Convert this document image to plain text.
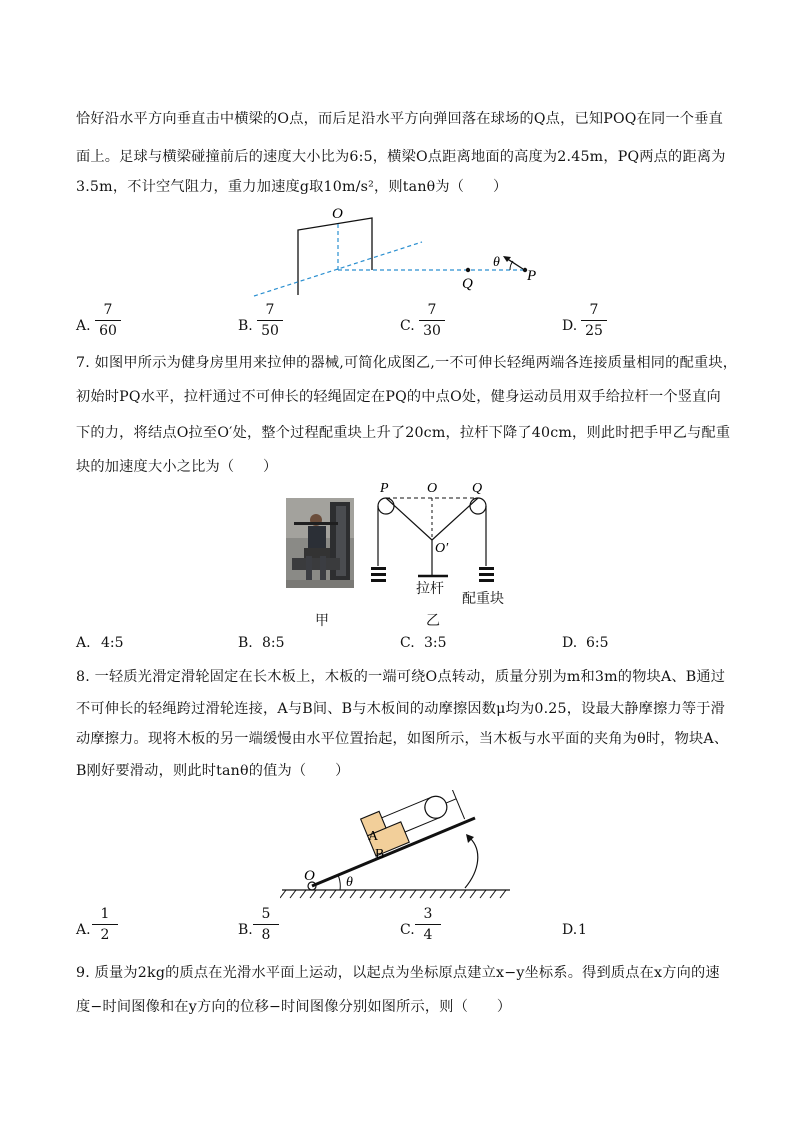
恰好沿水平方向垂直击中横梁的O点，而后足沿水平方向弹回落在球场的Q点，已知POQ在同一个垂直
面上。足球与横梁碰撞前后的速度大小比为6:5，横梁O点距离地面的高度为2.45m，PQ两点的距离为
3.5m，不计空气阻力，重力加速度g取10m/s²，则tanθ为（　　）
O
Q	P
θ
A.
7
60	B.
7
50	C.
7
30	D.
7
25
7. 如图甲所示为健身房里用来拉伸的器械,可简化成图乙,一不可伸长轻绳两端各连接质量相同的配重块，
初始时PQ水平，拉杆通过不可伸长的轻绳固定在PQ的中点O处，健身运动员用双手给拉杆一个竖直向
下的力，将结点O拉至O′处，整个过程配重块上升了20cm，拉杆下降了40cm，则此时把手甲乙与配重
块的加速度大小之比为（　　）
甲
P	O Q
O′
拉杆
配重块
乙
A. 4:5	B. 8:5	C. 3:5	D. 6:5
8. 一轻质光滑定滑轮固定在长木板上，木板的一端可绕O点转动，质量分别为m和3m的物块A、B通过
不可伸长的轻绳跨过滑轮连接，A与B间、B与木板间的动摩擦因数μ均为0.25，设最大静摩擦力等于滑
动摩擦力。现将木板的另一端缓慢由水平位置抬起，如图所示，当木板与水平面的夹角为θ时，物块A、
B刚好要滑动，则此时tanθ的值为（　　）
A
B
O θ
A.
1
2	B.
5
8	C.
3
4	D. 1
9. 质量为2kg的质点在光滑水平面上运动，以起点为坐标原点建立x−y坐标系。得到质点在x方向的速
度−时间图像和在y方向的位移−时间图像分别如图所示，则（　　）
